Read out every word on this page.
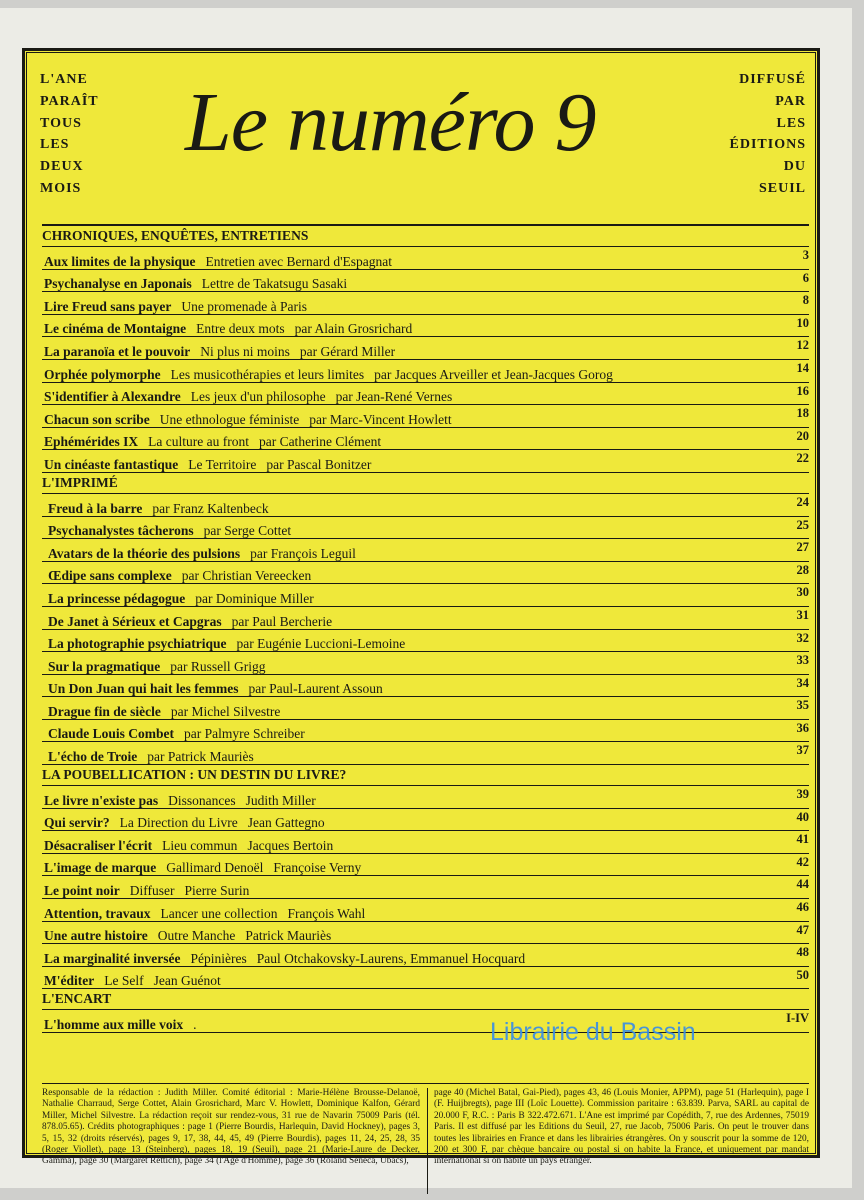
L'ANE
PARAÎT
TOUS
LES
DEUX
MOIS
Le numéro 9	DIFFUSÉ
PAR
LES
ÉDITIONS
DU
SEUIL
CHRONIQUES, ENQUÊTES, ENTRETIENS
Aux limites de la physique Entretien avec Bernard d'Espagnat	3
Psychanalyse en Japonais Lettre de Takatsugu Sasaki	6
Lire Freud sans payer Une promenade à Paris	8
Le cinéma de Montaigne Entre deux mots par Alain Grosrichard	10
La paranoïa et le pouvoir Ni plus ni moins par Gérard Miller	12
Orphée polymorphe Les musicothérapies et leurs limites par Jacques Arveiller et Jean-Jacques Gorog	14
S'identifier à Alexandre Les jeux d'un philosophe par Jean-René Vernes	16
Chacun son scribe Une ethnologue féministe par Marc-Vincent Howlett	18
Ephémérides IX La culture au front par Catherine Clément	20
Un cinéaste fantastique Le Territoire par Pascal Bonitzer	22
L'IMPRIMÉ
Freud à la barre par Franz Kaltenbeck	24
Psychanalystes tâcherons par Serge Cottet	25
Avatars de la théorie des pulsions par François Leguil	27
Œdipe sans complexe par Christian Vereecken	28
La princesse pédagogue par Dominique Miller	30
De Janet à Sérieux et Capgras par Paul Bercherie	31
La photographie psychiatrique par Eugénie Luccioni-Lemoine	32
Sur la pragmatique par Russell Grigg	33
Un Don Juan qui hait les femmes par Paul-Laurent Assoun	34
Drague fin de siècle par Michel Silvestre	35
Claude Louis Combet par Palmyre Schreiber	36
L'écho de Troie par Patrick Mauriès	37
LA POUBELLICATION : UN DESTIN DU LIVRE?
Le livre n'existe pas Dissonances Judith Miller	39
Qui servir? La Direction du Livre Jean Gattegno	40
Désacraliser l'écrit Lieu commun Jacques Bertoin	41
L'image de marque Gallimard Denoël Françoise Verny	42
Le point noir Diffuser Pierre Surin	44
Attention, travaux Lancer une collection François Wahl	46
Une autre histoire Outre Manche Patrick Mauriès	47
La marginalité inversée Pépinières Paul Otchakovsky-Laurens, Emmanuel Hocquard	48
M'éditer Le Self Jean Guénot	50
L'ENCART
L'homme aux mille voix .	I-IV
Responsable de la rédaction : Judith Miller. Comité éditorial : Marie-Hélène Brousse-Delanoë, Nathalie Charraud, Serge Cottet, Alain Grosrichard, Marc V. Howlett, Dominique Kalfon, Gérard Miller, Michel Silvestre. La rédaction reçoit sur rendez-vous, 31 rue de Navarin 75009 Paris (tél. 878.05.65). Crédits photographiques : page 1 (Pierre Bourdis, Harlequin, David Hockney), pages 3, 5, 15, 32 (droits réservés), pages 9, 17, 38, 44, 45, 49 (Pierre Bourdis), pages 11, 24, 25, 28, 35 (Roger Viollet), page 13 (Steinberg), pages 18, 19 (Seuil), page 21 (Marie-Laure de Decker, Gamma), page 30 (Margaret Rettich), page 34 (l'Age d'Homme), page 36 (Roland Sénéca, Ubacs),
page 40 (Michel Batal, Gai-Pied), pages 43, 46 (Louis Monier, APPM), page 51 (Harlequin), page I (F. Huijbregts), page III (Loïc Louette). Commission paritaire : 63.839. Parva, SARL au capital de 20.000 F, R.C. : Paris B 322.472.671. L'Ane est imprimé par Copédith, 7, rue des Ardennes, 75019 Paris. Il est diffusé par les Editions du Seuil, 27, rue Jacob, 75006 Paris. On peut le trouver dans toutes les librairies en France et dans les librairies étrangères. On y souscrit pour la somme de 120, 200 et 300 F, par chèque bancaire ou postal si on habite la France, et uniquement par mandat international si on habite un pays étranger.
Librairie du Bassin
